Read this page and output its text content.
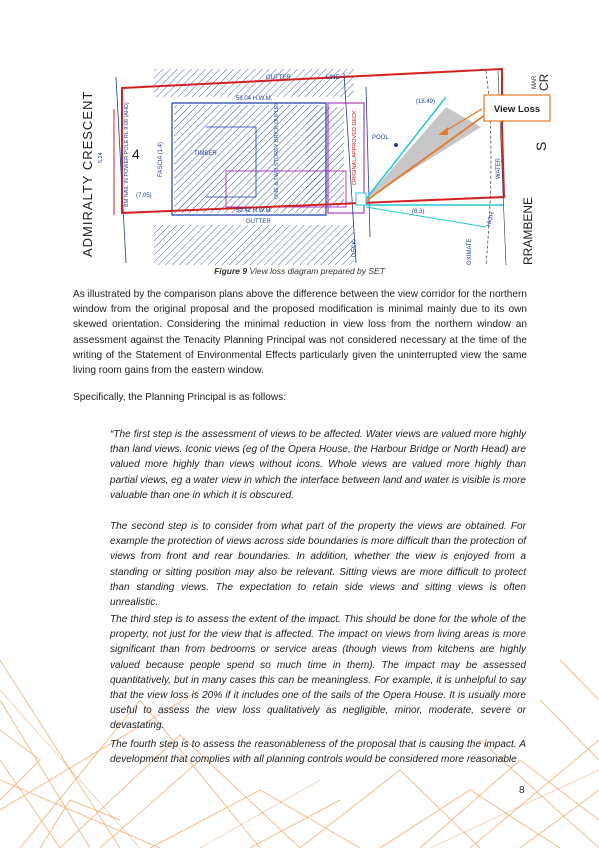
56.04 H.W.M.
50.42 H.W.M.
GUTTER
GUTTER
LINE
TIMBER
(7.05)
(18.49)
(8.3)
WATER
HIGH
DECK
POOL
FASCIA (1.4)
OXIMATE
ONE & TWO STOREY BRICK DUPLEX
BM NAIL IN POWER POLE RL 9.08 (AHD)
5.24	ORIGINAL APPROVED DECK
ADMIRALTY CRESCENT	4
RRAMBENE
MAR CR
S
View Loss
Figure 9 View loss diagram prepared by SET

As illustrated by the comparison plans above the difference between the view corridor for the northern window from the original proposal and the proposed modification is minimal mainly due to its own skewed orientation. Considering the minimal reduction in view loss from the northern window an assessment against the Tenacity Planning Principal was not considered necessary at the time of the writing of the Statement of Environmental Effects particularly given the uninterrupted view the same living room gains from the eastern window.

Specifically, the Planning Principal is as follows:

“The first step is the assessment of views to be affected. Water views are valued more highly than land views. Iconic views (eg of the Opera House, the Harbour Bridge or North Head) are valued more highly than views without icons. Whole views are valued more highly than partial views, eg a water view in which the interface between land and water is visible is more valuable than one in which it is obscured.

The second step is to consider from what part of the property the views are obtained. For example the protection of views across side boundaries is more difficult than the protection of views from front and rear boundaries. In addition, whether the view is enjoyed from a standing or sitting position may also be relevant. Sitting views are more difficult to protect than standing views. The expectation to retain side views and sitting views is often unrealistic.

The third step is to assess the extent of the impact. This should be done for the whole of the property, not just for the view that is affected. The impact on views from living areas is more significant than from bedrooms or service areas (though views from kitchens are highly valued because people spend so much time in them). The impact may be assessed quantitatively, but in many cases this can be meaningless. For example, it is unhelpful to say that the view loss is 20% if it includes one of the sails of the Opera House. It is usually more useful to assess the view loss qualitatively as negligible, minor, moderate, severe or devastating.

The fourth step is to assess the reasonableness of the proposal that is causing the impact. A development that complies with all planning controls would be considered more reasonable

8
